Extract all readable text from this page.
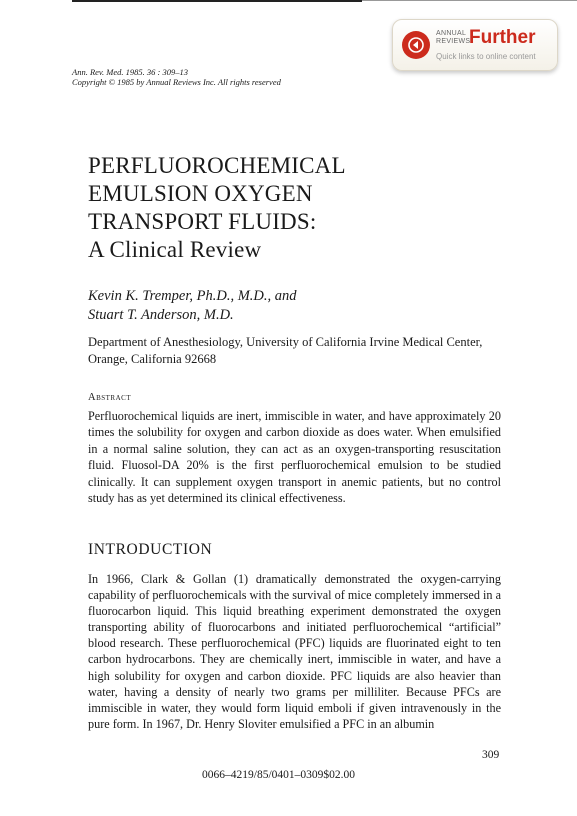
ANNUAL REVIEWS
Further
Quick links to online content
Ann. Rev. Med. 1985. 36 : 309–13
Copyright © 1985 by Annual Reviews Inc. All rights reserved
PERFLUOROCHEMICAL
EMULSION OXYGEN
TRANSPORT FLUIDS:
A Clinical Review
Kevin K. Tremper, Ph.D., M.D., and
Stuart T. Anderson, M.D.
Department of Anesthesiology, University of California Irvine Medical Center, Orange, California 92668
Abstract
Perfluorochemical liquids are inert, immiscible in water, and have approximately 20 times the solubility for oxygen and carbon dioxide as does water. When emulsified in a normal saline solution, they can act as an oxygen-transporting resuscitation fluid. Fluosol-DA 20% is the first perfluorochemical emulsion to be studied clinically. It can supplement oxygen transport in anemic patients, but no control study has as yet determined its clinical effectiveness.
INTRODUCTION
In 1966, Clark & Gollan (1) dramatically demonstrated the oxygen-carrying capability of perfluorochemicals with the survival of mice completely immersed in a fluorocarbon liquid. This liquid breathing experiment demonstrated the oxygen transporting ability of fluorocarbons and initiated perfluorochemical “artificial” blood research. These perfluorochemical (PFC) liquids are fluorinated eight to ten carbon hydrocarbons. They are chemically inert, immiscible in water, and have a high solubility for oxygen and carbon dioxide. PFC liquids are also heavier than water, having a density of nearly two grams per milliliter. Because PFCs are immiscible in water, they would form liquid emboli if given intravenously in the pure form. In 1967, Dr. Henry Sloviter emulsified a PFC in an albumin
309
0066–4219/85/0401–0309$02.00
